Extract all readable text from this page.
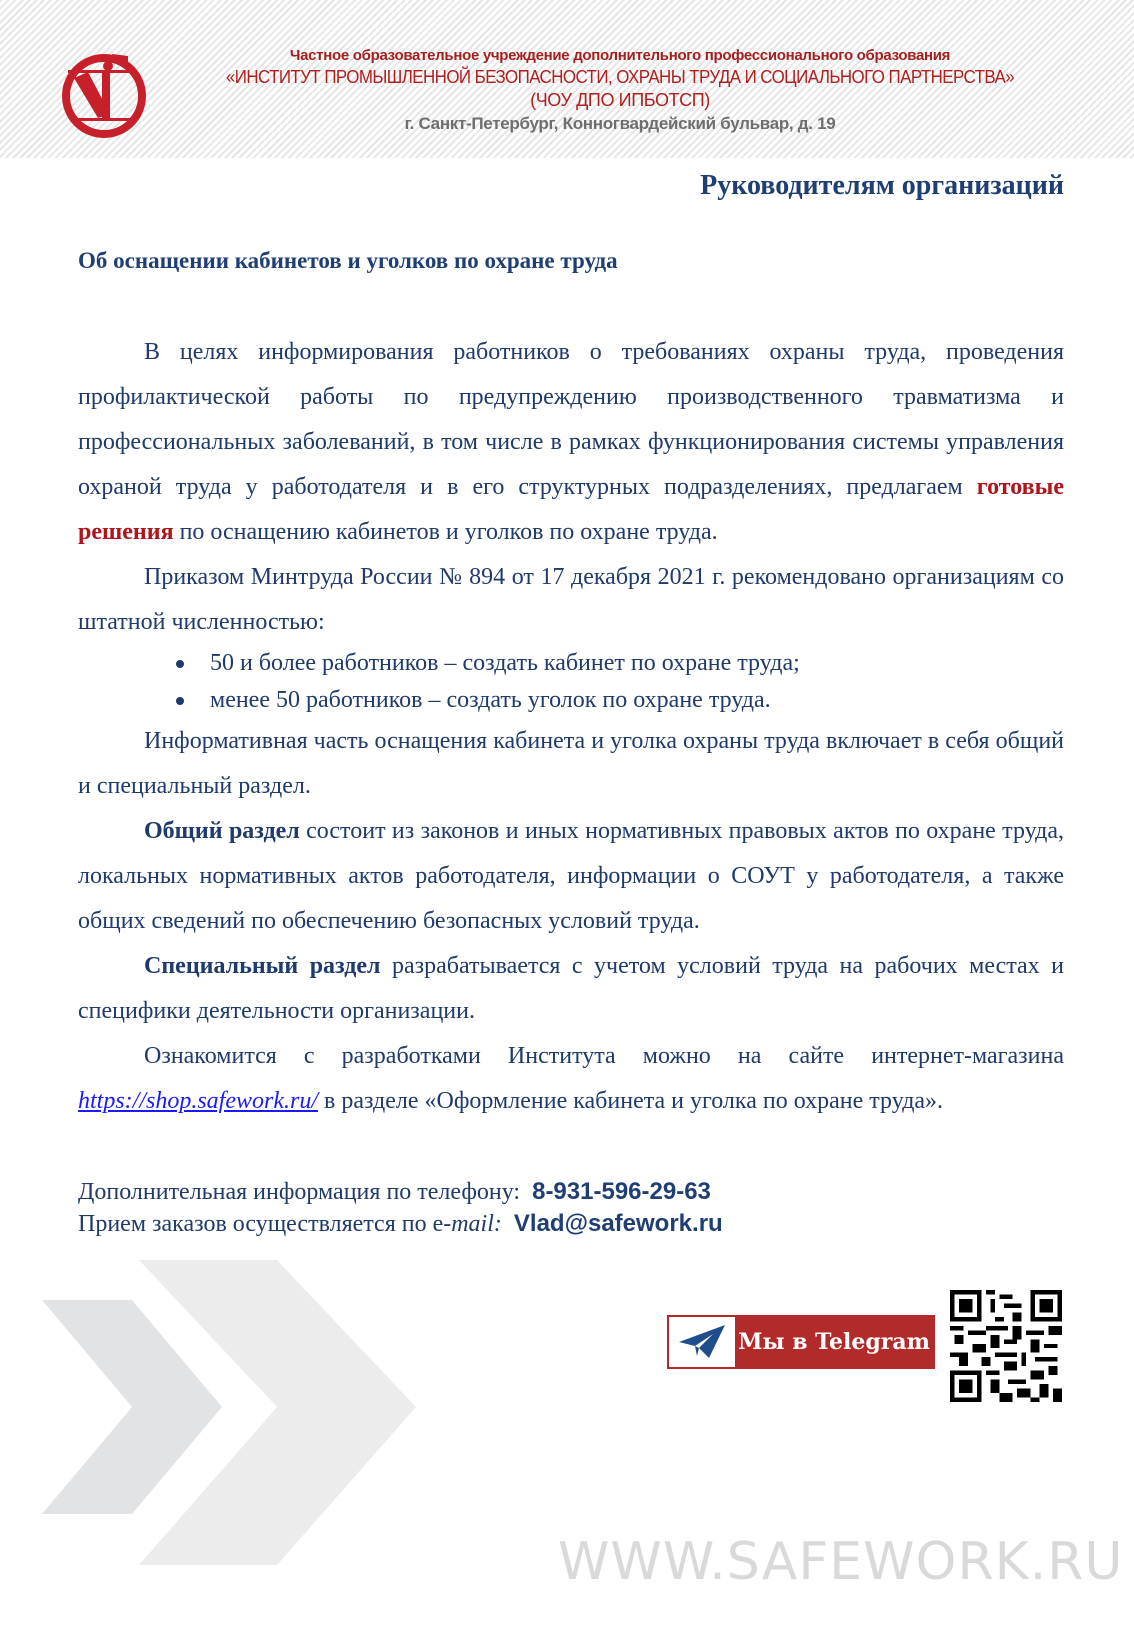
Частное образовательное учреждение дополнительного профессионального образования
«ИНСТИТУТ ПРОМЫШЛЕННОЙ БЕЗОПАСНОСТИ, ОХРАНЫ ТРУДА И СОЦИАЛЬНОГО ПАРТНЕРСТВА»
(ЧОУ ДПО ИПБОТСП)
г. Санкт-Петербург, Конногвардейский бульвар, д. 19
Руководителям организаций
Об оснащении кабинетов и уголков по охране труда

В целях информирования работников о требованиях охраны труда, проведения профилактической работы по предупреждению производственного травматизма и профессиональных заболеваний, в том числе в рамках функционирования системы управления охраной труда у работодателя и в его структурных подразделениях, предлагаем готовые решения по оснащению кабинетов и уголков по охране труда.

Приказом Минтруда России № 894 от 17 декабря 2021 г. рекомендовано организациям со штатной численностью:

50 и более работников – создать кабинет по охране труда;
менее 50 работников – создать уголок по охране труда.

Информативная часть оснащения кабинета и уголка охраны труда включает в себя общий и специальный раздел.

Общий раздел состоит из законов и иных нормативных правовых актов по охране труда, локальных нормативных актов работодателя, информации о СОУТ у работодателя, а также общих сведений по обеспечению безопасных условий труда.

Специальный раздел разрабатывается с учетом условий труда на рабочих местах и специфики деятельности организации.

Ознакомится с разработками Института можно на сайте интернет-магазина https://shop.safework.ru/ в разделе «Оформление кабинета и уголка по охране труда».

Дополнительная информация по телефону: 8-931-596-29-63
Прием заказов осуществляется по e-mail: Vlad@safework.ru
Мы в Telegram
WWW.SAFEWORK.RU
